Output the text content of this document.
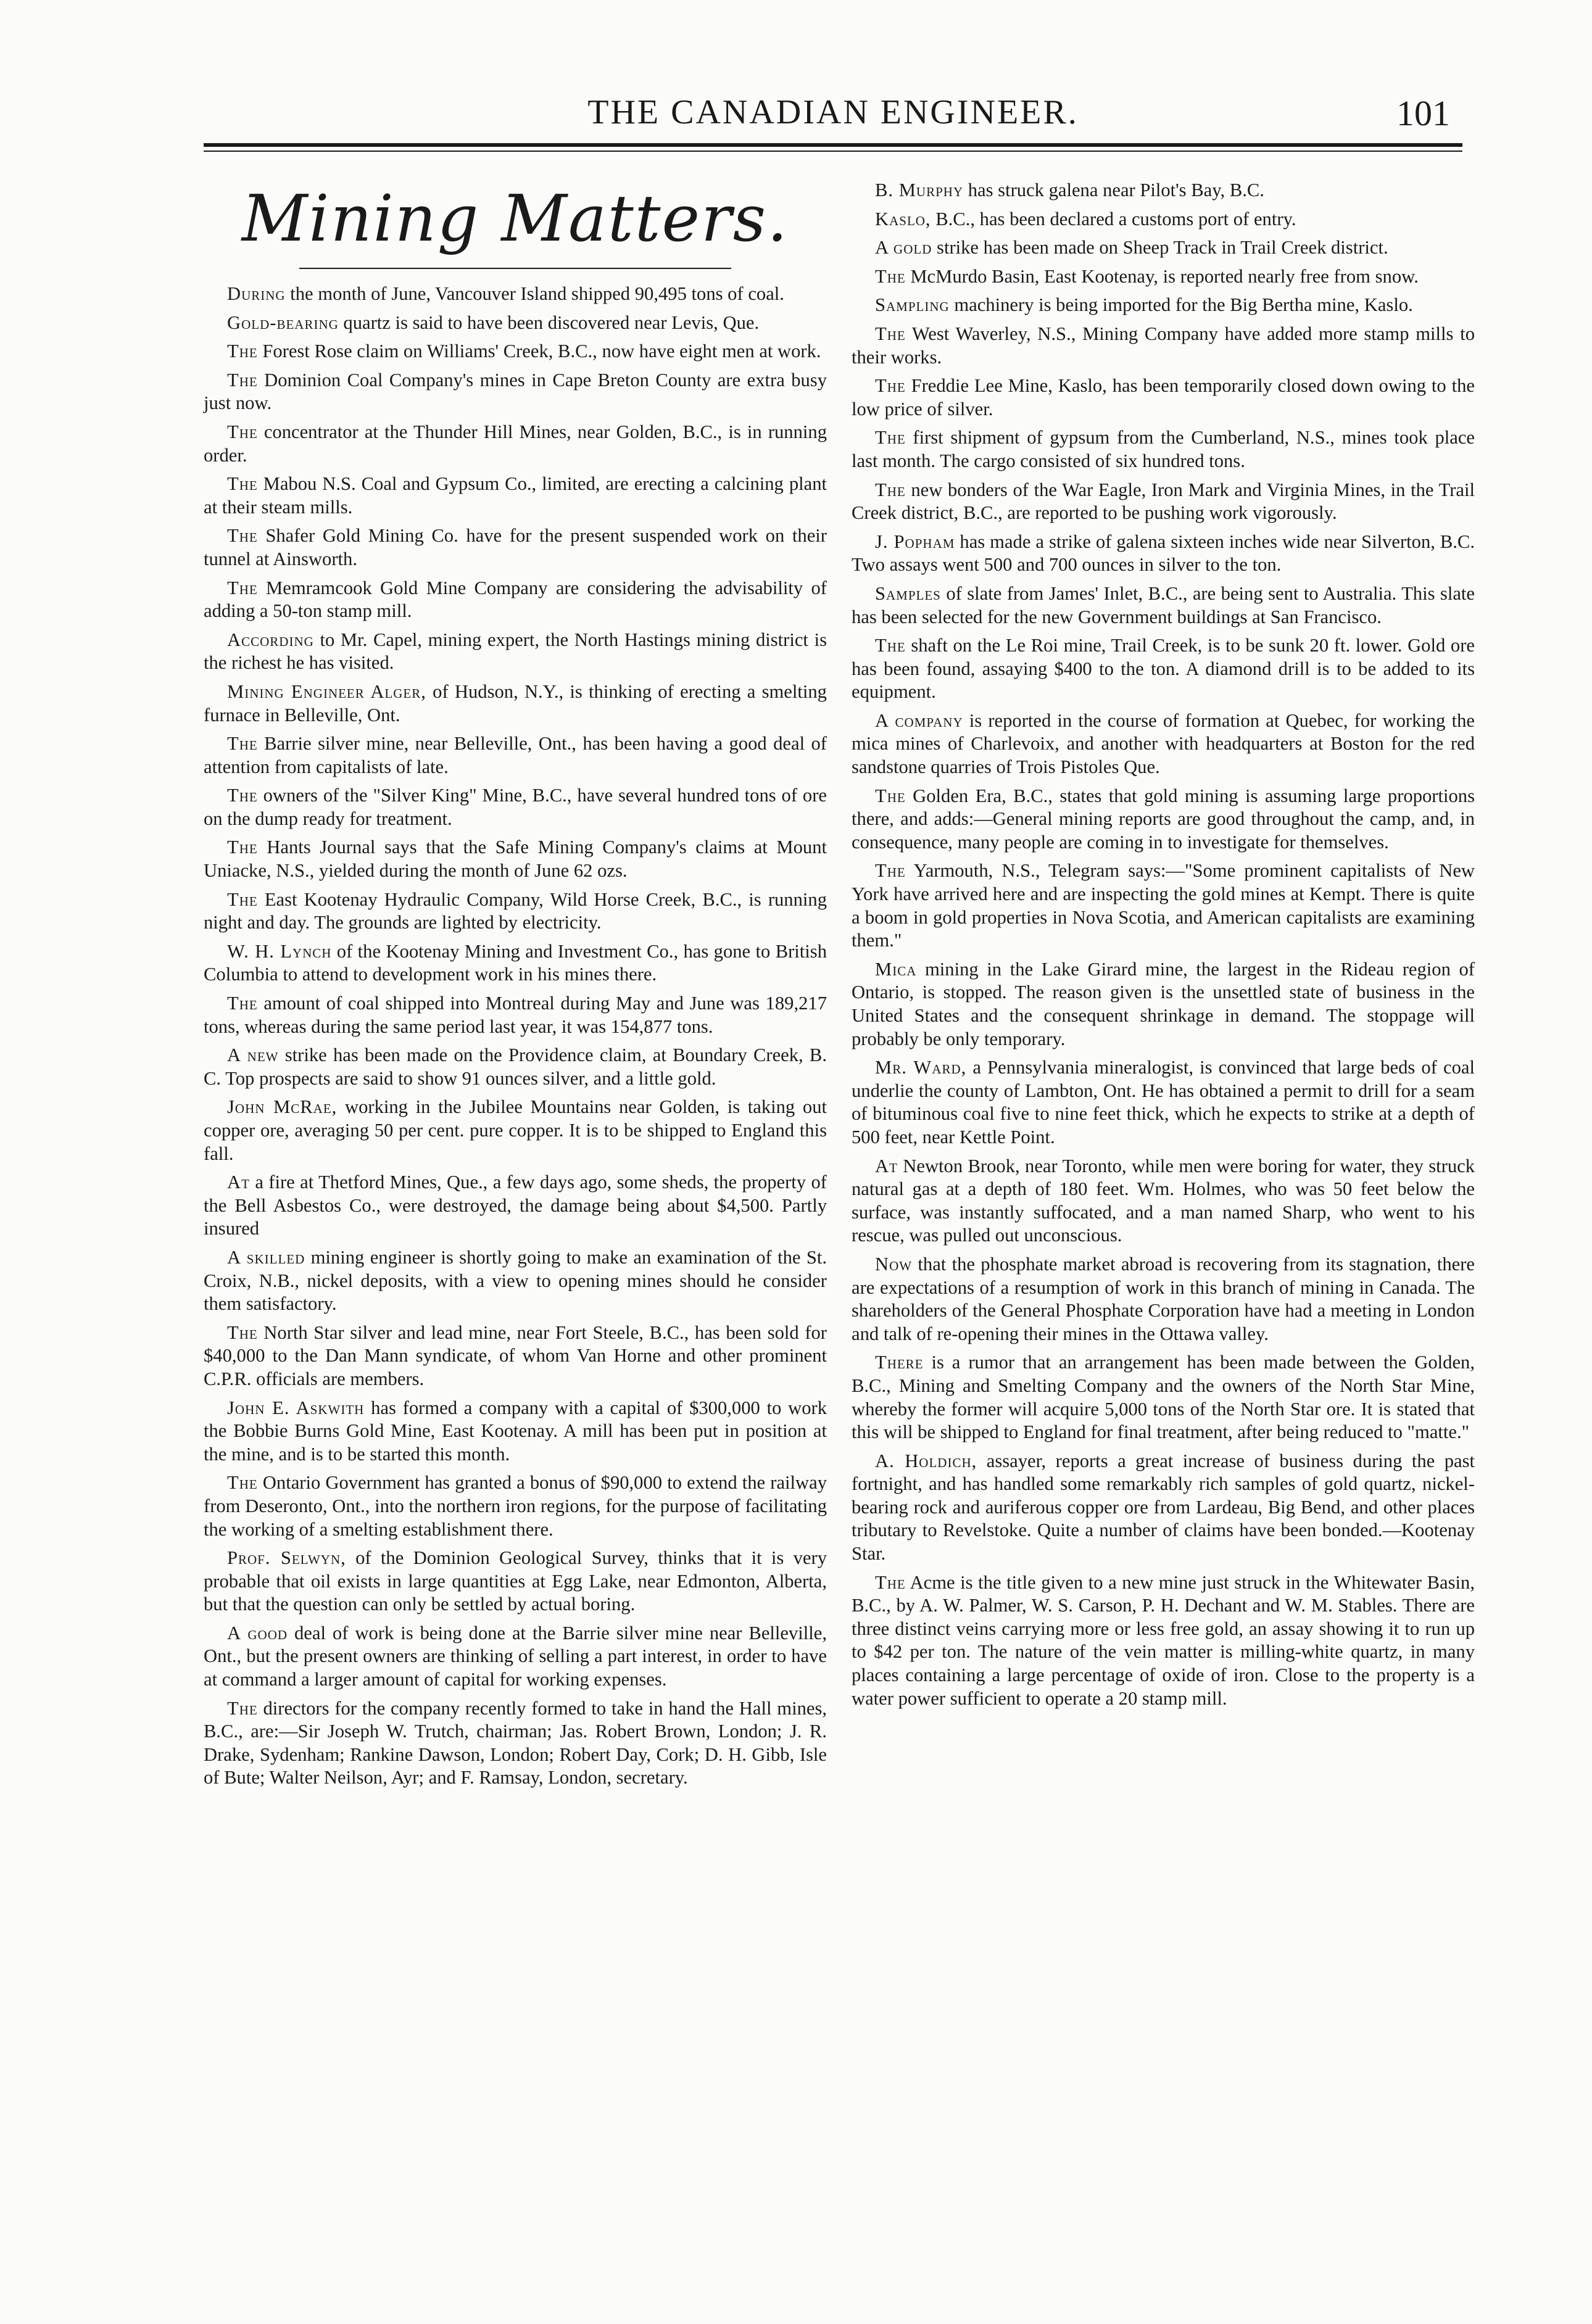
THE CANADIAN ENGINEER.	101
Mining Matters.

During the month of June, Vancouver Island shipped 90,495 tons of coal.

Gold-bearing quartz is said to have been discovered near Levis, Que.

The Forest Rose claim on Williams' Creek, B.C., now have eight men at work.

The Dominion Coal Company's mines in Cape Breton County are extra busy just now.

The concentrator at the Thunder Hill Mines, near Golden, B.C., is in running order.

The Mabou N.S. Coal and Gypsum Co., limited, are erecting a calcining plant at their steam mills.

The Shafer Gold Mining Co. have for the present suspended work on their tunnel at Ainsworth.

The Memramcook Gold Mine Company are considering the advisability of adding a 50-ton stamp mill.

According to Mr. Capel, mining expert, the North Hastings mining district is the richest he has visited.

Mining Engineer Alger, of Hudson, N.Y., is thinking of erecting a smelting furnace in Belleville, Ont.

The Barrie silver mine, near Belleville, Ont., has been having a good deal of attention from capitalists of late.

The owners of the "Silver King" Mine, B.C., have several hundred tons of ore on the dump ready for treatment.

The Hants Journal says that the Safe Mining Company's claims at Mount Uniacke, N.S., yielded during the month of June 62 ozs.

The East Kootenay Hydraulic Company, Wild Horse Creek, B.C., is running night and day. The grounds are lighted by electricity.

W. H. Lynch of the Kootenay Mining and Investment Co., has gone to British Columbia to attend to development work in his mines there.

The amount of coal shipped into Montreal during May and June was 189,217 tons, whereas during the same period last year, it was 154,877 tons.

A new strike has been made on the Providence claim, at Boundary Creek, B. C. Top prospects are said to show 91 ounces silver, and a little gold.

John McRae, working in the Jubilee Mountains near Golden, is taking out copper ore, averaging 50 per cent. pure copper. It is to be shipped to England this fall.

At a fire at Thetford Mines, Que., a few days ago, some sheds, the property of the Bell Asbestos Co., were destroyed, the damage being about $4,500. Partly insured

A skilled mining engineer is shortly going to make an examination of the St. Croix, N.B., nickel deposits, with a view to opening mines should he consider them satisfactory.

The North Star silver and lead mine, near Fort Steele, B.C., has been sold for $40,000 to the Dan Mann syndicate, of whom Van Horne and other prominent C.P.R. officials are members.

John E. Askwith has formed a company with a capital of $300,000 to work the Bobbie Burns Gold Mine, East Kootenay. A mill has been put in position at the mine, and is to be started this month.

The Ontario Government has granted a bonus of $90,000 to extend the railway from Deseronto, Ont., into the northern iron regions, for the purpose of facilitating the working of a smelting establishment there.

Prof. Selwyn, of the Dominion Geological Survey, thinks that it is very probable that oil exists in large quantities at Egg Lake, near Edmonton, Alberta, but that the question can only be settled by actual boring.

A good deal of work is being done at the Barrie silver mine near Belleville, Ont., but the present owners are thinking of selling a part interest, in order to have at command a larger amount of capital for working expenses.

The directors for the company recently formed to take in hand the Hall mines, B.C., are:—Sir Joseph W. Trutch, chairman; Jas. Robert Brown, London; J. R. Drake, Sydenham; Rankine Dawson, London; Robert Day, Cork; D. H. Gibb, Isle of Bute; Walter Neilson, Ayr; and F. Ramsay, London, secretary.

B. Murphy has struck galena near Pilot's Bay, B.C.

Kaslo, B.C., has been declared a customs port of entry.

A gold strike has been made on Sheep Track in Trail Creek district.

The McMurdo Basin, East Kootenay, is reported nearly free from snow.

Sampling machinery is being imported for the Big Bertha mine, Kaslo.

The West Waverley, N.S., Mining Company have added more stamp mills to their works.

The Freddie Lee Mine, Kaslo, has been temporarily closed down owing to the low price of silver.

The first shipment of gypsum from the Cumberland, N.S., mines took place last month. The cargo consisted of six hundred tons.

The new bonders of the War Eagle, Iron Mark and Virginia Mines, in the Trail Creek district, B.C., are reported to be pushing work vigorously.

J. Popham has made a strike of galena sixteen inches wide near Silverton, B.C. Two assays went 500 and 700 ounces in silver to the ton.

Samples of slate from James' Inlet, B.C., are being sent to Australia. This slate has been selected for the new Government buildings at San Francisco.

The shaft on the Le Roi mine, Trail Creek, is to be sunk 20 ft. lower. Gold ore has been found, assaying $400 to the ton. A diamond drill is to be added to its equipment.

A company is reported in the course of formation at Quebec, for working the mica mines of Charlevoix, and another with headquarters at Boston for the red sandstone quarries of Trois Pistoles Que.

The Golden Era, B.C., states that gold mining is assuming large proportions there, and adds:—General mining reports are good throughout the camp, and, in consequence, many people are coming in to investigate for themselves.

The Yarmouth, N.S., Telegram says:—"Some prominent capitalists of New York have arrived here and are inspecting the gold mines at Kempt. There is quite a boom in gold properties in Nova Scotia, and American capitalists are examining them."

Mica mining in the Lake Girard mine, the largest in the Rideau region of Ontario, is stopped. The reason given is the unsettled state of business in the United States and the consequent shrinkage in demand. The stoppage will probably be only temporary.

Mr. Ward, a Pennsylvania mineralogist, is convinced that large beds of coal underlie the county of Lambton, Ont. He has obtained a permit to drill for a seam of bituminous coal five to nine feet thick, which he expects to strike at a depth of 500 feet, near Kettle Point.

At Newton Brook, near Toronto, while men were boring for water, they struck natural gas at a depth of 180 feet. Wm. Holmes, who was 50 feet below the surface, was instantly suffocated, and a man named Sharp, who went to his rescue, was pulled out unconscious.

Now that the phosphate market abroad is recovering from its stagnation, there are expectations of a resumption of work in this branch of mining in Canada. The shareholders of the General Phosphate Corporation have had a meeting in London and talk of re-opening their mines in the Ottawa valley.

There is a rumor that an arrangement has been made between the Golden, B.C., Mining and Smelting Company and the owners of the North Star Mine, whereby the former will acquire 5,000 tons of the North Star ore. It is stated that this will be shipped to England for final treatment, after being reduced to "matte."

A. Holdich, assayer, reports a great increase of business during the past fortnight, and has handled some remarkably rich samples of gold quartz, nickel-bearing rock and auriferous copper ore from Lardeau, Big Bend, and other places tributary to Revelstoke. Quite a number of claims have been bonded.—Kootenay Star.

The Acme is the title given to a new mine just struck in the Whitewater Basin, B.C., by A. W. Palmer, W. S. Carson, P. H. Dechant and W. M. Stables. There are three distinct veins carrying more or less free gold, an assay showing it to run up to $42 per ton. The nature of the vein matter is milling-white quartz, in many places containing a large percentage of oxide of iron. Close to the property is a water power sufficient to operate a 20 stamp mill.
